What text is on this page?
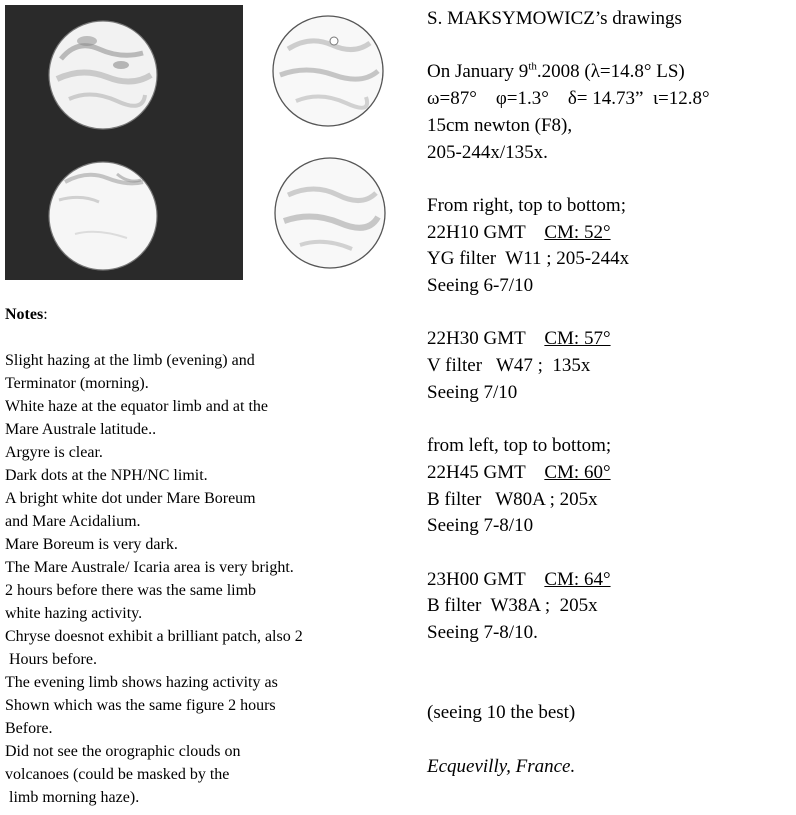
Notes:
Slight hazing at the limb (evening) and
Terminator (morning).
White haze at the equator limb and at the
Mare Australe latitude..
Argyre is clear.
Dark dots at the NPH/NC limit.
A bright white dot under Mare Boreum
and Mare Acidalium.
Mare Boreum is very dark.
The Mare Australe/ Icaria area is very bright.
2 hours before there was the same limb
white hazing activity.
Chryse doesnot exhibit a brilliant patch, also 2
Hours before.
The evening limb shows hazing activity as
Shown which was the same figure 2 hours
Before.
Did not see the orographic clouds on
volcanoes (could be masked by the
limb morning haze).
S. MAKSYMOWICZ’s drawings
On January 9th.2008 (λ=14.8° LS)
ω=87°    φ=1.3°    δ= 14.73”  ι=12.8°
15cm newton (F8),
205-244x/135x.
From right, top to bottom;
22H10 GMT    CM: 52°
YG filter  W11 ; 205-244x
Seeing 6-7/10
22H30 GMT    CM: 57°
V filter   W47 ;  135x
Seeing 7/10
from left, top to bottom;
22H45 GMT    CM: 60°
B filter   W80A ; 205x
Seeing 7-8/10
23H00 GMT    CM: 64°
B filter  W38A ;  205x
Seeing 7-8/10.
(seeing 10 the best)
Ecquevilly, France.
